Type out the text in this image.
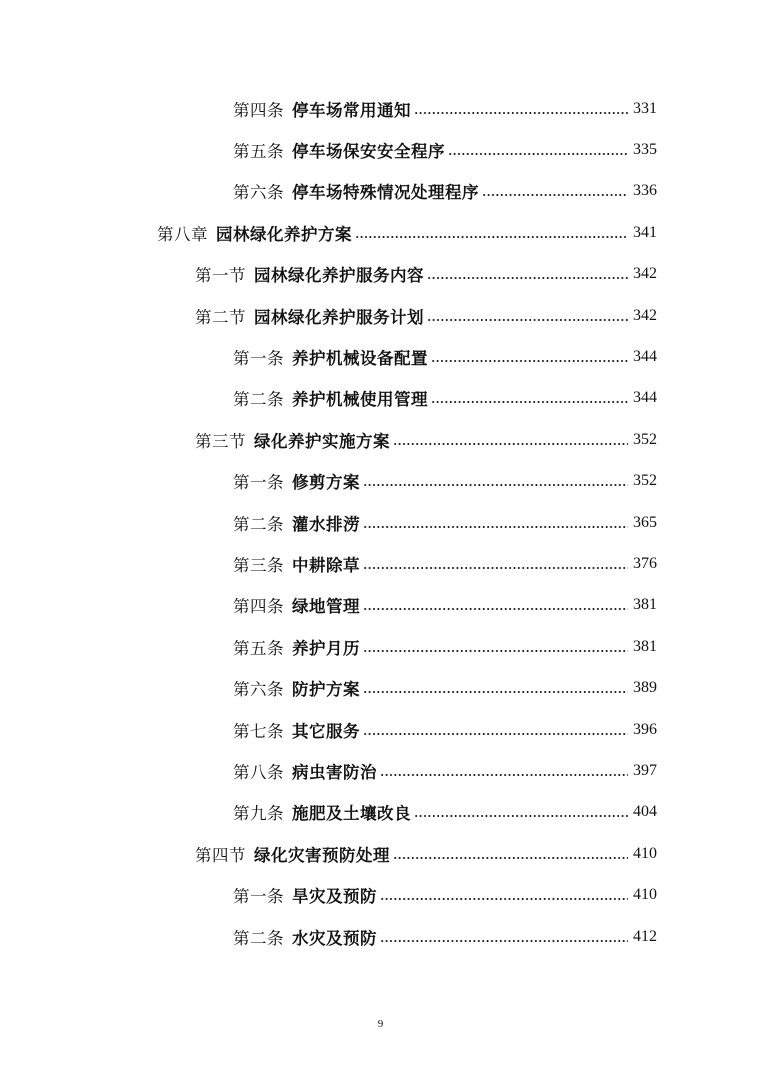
第四条 停车场常用通知	331
第五条 停车场保安安全程序	335
第六条 停车场特殊情况处理程序	336
第八章 园林绿化养护方案	341
第一节 园林绿化养护服务内容	342
第二节 园林绿化养护服务计划	342
第一条 养护机械设备配置	344
第二条 养护机械使用管理	344
第三节 绿化养护实施方案	352
第一条 修剪方案	352
第二条 灌水排涝	365
第三条 中耕除草	376
第四条 绿地管理	381
第五条 养护月历	381
第六条 防护方案	389
第七条 其它服务	396
第八条 病虫害防治	397
第九条 施肥及土壤改良	404
第四节 绿化灾害预防处理	410
第一条 旱灾及预防	410
第二条 水灾及预防	412
9
